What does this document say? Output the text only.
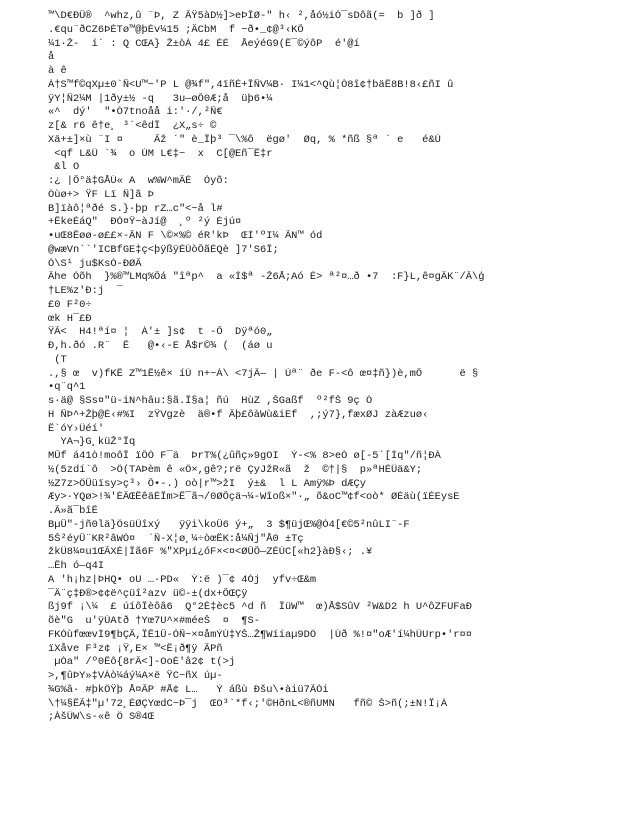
™\D€ÐÛ®  ^whz,û ¨Þ, Z ÂŸ5àD½]>eÞÎØ-" h‹ ²,åó½iÓ¯sDôã(=  b ]ð ]
.€qu¨ðCZ6ÞÈTø™@þÈv¼15 ;ÄCbM  f −ð•_¢@³‹KÕ
¼1·Ž-  í´ : Q CŒA} Ž±òÀ 4£ ÈÈ  ÅeýéG9(Ê¯©ýôP  é'@í
å
à ê
À†S™f©qXµ±0`Ñ<U™~'P L @¾f",4ïñÉ+ÎÑV¼B· I¼1<^Qù¦Ò8î¢†bäÊ8B!8‹£ñI û
ÿY¦Ñ2¼M |1ðy±½ -q   3u—øÕ0Æ;å  üþ6•¼
«^  dý'  "•Ò7tnoåå i:'·/,²Ñ€
z[& r6 ê†e¸ ³´<êdÏ  ¿X„s÷ ©
Xä+±]×ù ¨I ¤     Ãž ´" è_Îþ³ ¯\%ô  ëgø'  Øq, % *ñß §ª ` e   é&Ú
<qf L&Ü `¾  o ÙM L€‡~  x  C[@Eñ¯Ë‡r
&l O
:¿ |Õ°ä‡GÅÙ« A  w%W^mÄÉ  Óyõ:
Öùø+> ŸF Lï Ñ]ã Þ
B]ïàô¦ªðé S.}·þp rZ…c"<~å l#
+ÊkeÉáQ"  ÐÓ¤Ÿ~àJí@  ¸º ²ý Èjú¤
•uŒ8Êøø-ø££×-ÃN F \©×%© éR'kÞ  ŒÍ'ºI¼ ÃN™ ód
@wæVn``'ICBfGE‡ç<þÿßÿÉÙòÕãÈQè ]7'S6Î;
Ò\S¹ ju$KsÓ-ÐØÃ
Âhe Óõh  }%®™LMq%Õá "îªp^  a «Í$ª -Ž6Å;Aó É> ª²¤…ð •7  :F}L,ê¤gÂK¨/Â\ģ
†LE%z'Ð:j  ¯
£0 F²0÷
œk H¯£Ð
ŸÃ<  H4!ªí¤ ¦  À'± ]s¢  t -Õ  Dÿªó0„
Ð,h.ðó .R¨  Ê   @•‹-E Å$r©¾ (  (áø u
(T
.,§ œ  v)fKÊ Z™1Ë½ê× íÚ n+~À\ <7jÂ— | Úª¨ ðe F-<ô œ¤‡ñ})è,mÔ      ë §
•q¨q^1
s·ä@ §Ss¤"ü-iN^hâu:§ã.Î§a¦ ñú  HùZ ,ŠGaßf  º²fŠ 9ç Ò
H ÑÞ^+Žþ@È‹#%I  zŸVgzè  ä®•f Äþ£ôàWù&iEf  ,;ý7},fæxØJ zàÆzuø‹
Ë`óY›Üéí'
YA¬}G¸küŽ°Îq
MÛf á41ò!moôÎ ïÔÒ F¯ä  ÞrT%(¿ûñç»9gOI  Ý-<% 8>eÒ ø[-5´[Ìq"/ñ¦ÐÀ
½(5zdí`ô  >Ö(TAÞèm ê «Ö×,gê?;rë ÇyJžR«ã  ž  ©†|§  p»ªHÉÜä&Y;
½Z7z>ÖÛüïsy>ç³› Õ•-.) oò|r™>žI  ý±&  l L Amÿ%Þ dÆÇy
Æy>·YQø>!¾'ÈÄŒÊêäÈÎm>Ë¯ã¬/0ØÕçä¬¼-Wîoß×"·„ õ&oC™¢f<oò* ØÈäù(ïÉEysE
.Ã»ã¯bîÊ
BµÛ"-jñ0lä}ÖsüÜîxý   ÿÿi\koÛ6 ý+„  3 $¶üjŒ%@Ó4[€©5²nûLI¨-F
5Š²éyÛ¨KR²âWÓ¤  ´Ñ-X¦ø¸¼÷òœËK:å¼Ñj"Å0 ±Tç
žkÜ8¼¤u1ŒÃXÉ|Îã6F %"XPµí¿óF×<¤<ØÛÕ—ZÉÚC[«h2}àÐ§‹; .¥
…Êh ó—q4I
A 'h¡hz|ÞHQ• oU …·PD«  Ý:ë )¯¢ 4Òj  yfv÷Œ&m
¯Ä¨ç‡Ð®>¢¢ë^çüî²azv ü©-±(dx+ÕŒÇÿ
ßj9f ¡\¼  £ úíôÎèôâ6  Q°2È‡èc5 ^d ñ  ÎüW™  œ)Å$SûV ²W&D2 h U^ôZFUFaÐ
õè"G  u'ÿÙAtð †Yœ7U^×#méeŠ  ¤  ¶S-
FKÓùfœœvÌ9¶bÇÃ,ÏË1Û-ÓÑ~×¤åmÝÙ‡YŠ…Ž¶Wííaµ9DÖ  |Ùð %!¤"oÆ'í¼hÜUrp•'r¤¤
ïXåve F³z¢ ¡Ÿ,E× ™<Ë¡ð¶ÿ ÃPñ
µÒa" /º0Êô{8rÂ<]-OoÈ'â2¢ t(>j
>,¶ûÞY»‡VÀò¼áý¼A×ë ŸC~ñX úµ-
¾G%â· #þkÖŸþ Å¤ÃP #Å¢ L…   Ý áßù Ðšu\•àiü7ÃÓi
\†¼§ËÃ‡"µ'72¸ÉØÇYœdC~Þ¯j  ŒO³`*f‹;'©HðnL<®ñUMN   fñ© Š>ñ(;±N!Ï¡Á
;ÀšÜW\s-«ê Ö S®4Œ
